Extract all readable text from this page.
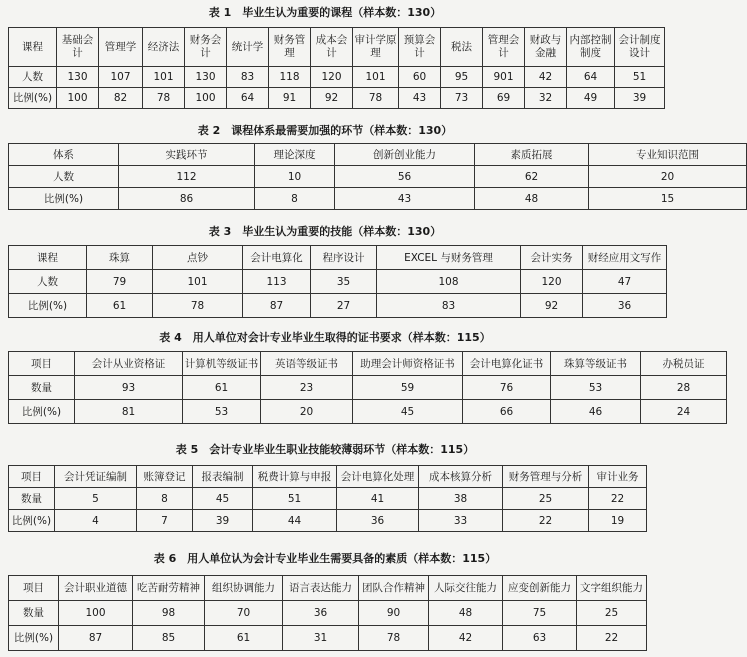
表 1　毕业生认为重要的课程（样本数：130）
课程	基础会计	管理学	经济法	财务会计	统计学	财务管理	成本会计	审计学原理	预算会计	税法	管理会计	财政与金融	内部控制制度	会计制度设计
人数	130	107	101	130	83	118	120	101	60	95	901	42	64	51
比例(%)	100	82	78	100	64	91	92	78	43	73	69	32	49	39
表 2　课程体系最需要加强的环节（样本数：130）
体系	实践环节	理论深度	创新创业能力	素质拓展	专业知识范围
人数	112	10	56	62	20
比例(%)	86	8	43	48	15
表 3　毕业生认为重要的技能（样本数：130）
课程	珠算	点钞	会计电算化	程序设计	EXCEL 与财务管理	会计实务	财经应用文写作
人数	79	101	113	35	108	120	47
比例(%)	61	78	87	27	83	92	36
表 4　用人单位对会计专业毕业生取得的证书要求（样本数：115）
项目	会计从业资格证	计算机等级证书	英语等级证书	助理会计师资格证书	会计电算化证书	珠算等级证书	办税员证
数量	93	61	23	59	76	53	28
比例(%)	81	53	20	45	66	46	24
表 5　会计专业毕业生职业技能较薄弱环节（样本数：115）
项目	会计凭证编制	账簿登记	报表编制	税费计算与申报	会计电算化处理	成本核算分析	财务管理与分析	审计业务
数量	5	8	45	51	41	38	25	22
比例(%)	4	7	39	44	36	33	22	19
表 6　用人单位认为会计专业毕业生需要具备的素质（样本数：115）
项目	会计职业道德	吃苦耐劳精神	组织协调能力	语言表达能力	团队合作精神	人际交往能力	应变创新能力	文字组织能力
数量	100	98	70	36	90	48	75	25
比例(%)	87	85	61	31	78	42	63	22
